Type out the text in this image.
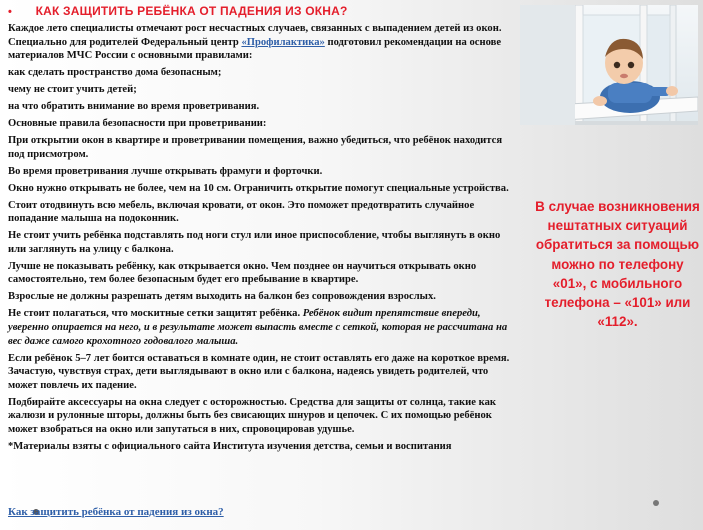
• КАК ЗАЩИТИТЬ РЕБЁНКА ОТ ПАДЕНИЯ ИЗ ОКНА?

Каждое лето специалисты отмечают рост несчастных случаев, связанных с выпадением детей из окон. Специально для родителей Федеральный центр «Профилактика» подготовил рекомендации на основе материалов МЧС России с основными правилами:

как сделать пространство дома безопасным;

чему не стоит учить детей;

на что обратить внимание во время проветривания.

Основные правила безопасности при проветривании:

При открытии окон в квартире и проветривании помещения, важно убедиться, что ребёнок находится под присмотром.

Во время проветривания лучше открывать фрамуги и форточки.

Окно нужно открывать не более, чем на 10 см. Ограничить открытие помогут специальные устройства.

Стоит отодвинуть всю мебель, включая кровати, от окон. Это поможет предотвратить случайное попадание малыша на подоконник.

Не стоит учить ребёнка подставлять под ноги стул или иное приспособление, чтобы выглянуть в окно или заглянуть на улицу с балкона.

Лучше не показывать ребёнку, как открывается окно. Чем позднее он научиться открывать окно самостоятельно, тем более безопасным будет его пребывание в квартире.

Взрослые не должны разрешать детям выходить на балкон без сопровождения взрослых.

Не стоит полагаться, что москитные сетки защитят ребёнка. Ребёнок видит препятствие впереди, уверенно опирается на него, и в результате может выпасть вместе с сеткой, которая не рассчитана на вес даже самого крохотного годовалого малыша.

Если ребёнок 5–7 лет боится оставаться в комнате один, не стоит оставлять его даже на короткое время. Зачастую, чувствуя страх, дети выглядывают в окно или с балкона, надеясь увидеть родителей, что может повлечь их падение.

Подбирайте аксессуары на окна следует с осторожностью. Средства для защиты от солнца, такие как жалюзи и рулонные шторы, должны быть без свисающих шнуров и цепочек. С их помощью ребёнок может взобраться на окно или запутаться в них, спровоцировав удушье.

*Материалы взяты с официального сайта Института изучения детства, семьи и воспитания

Как защитить ребёнка от падения из окна?
В случае возникновения нештатных ситуаций обратиться за помощью можно по телефону «01», с мобильного телефона – «101» или «112».
